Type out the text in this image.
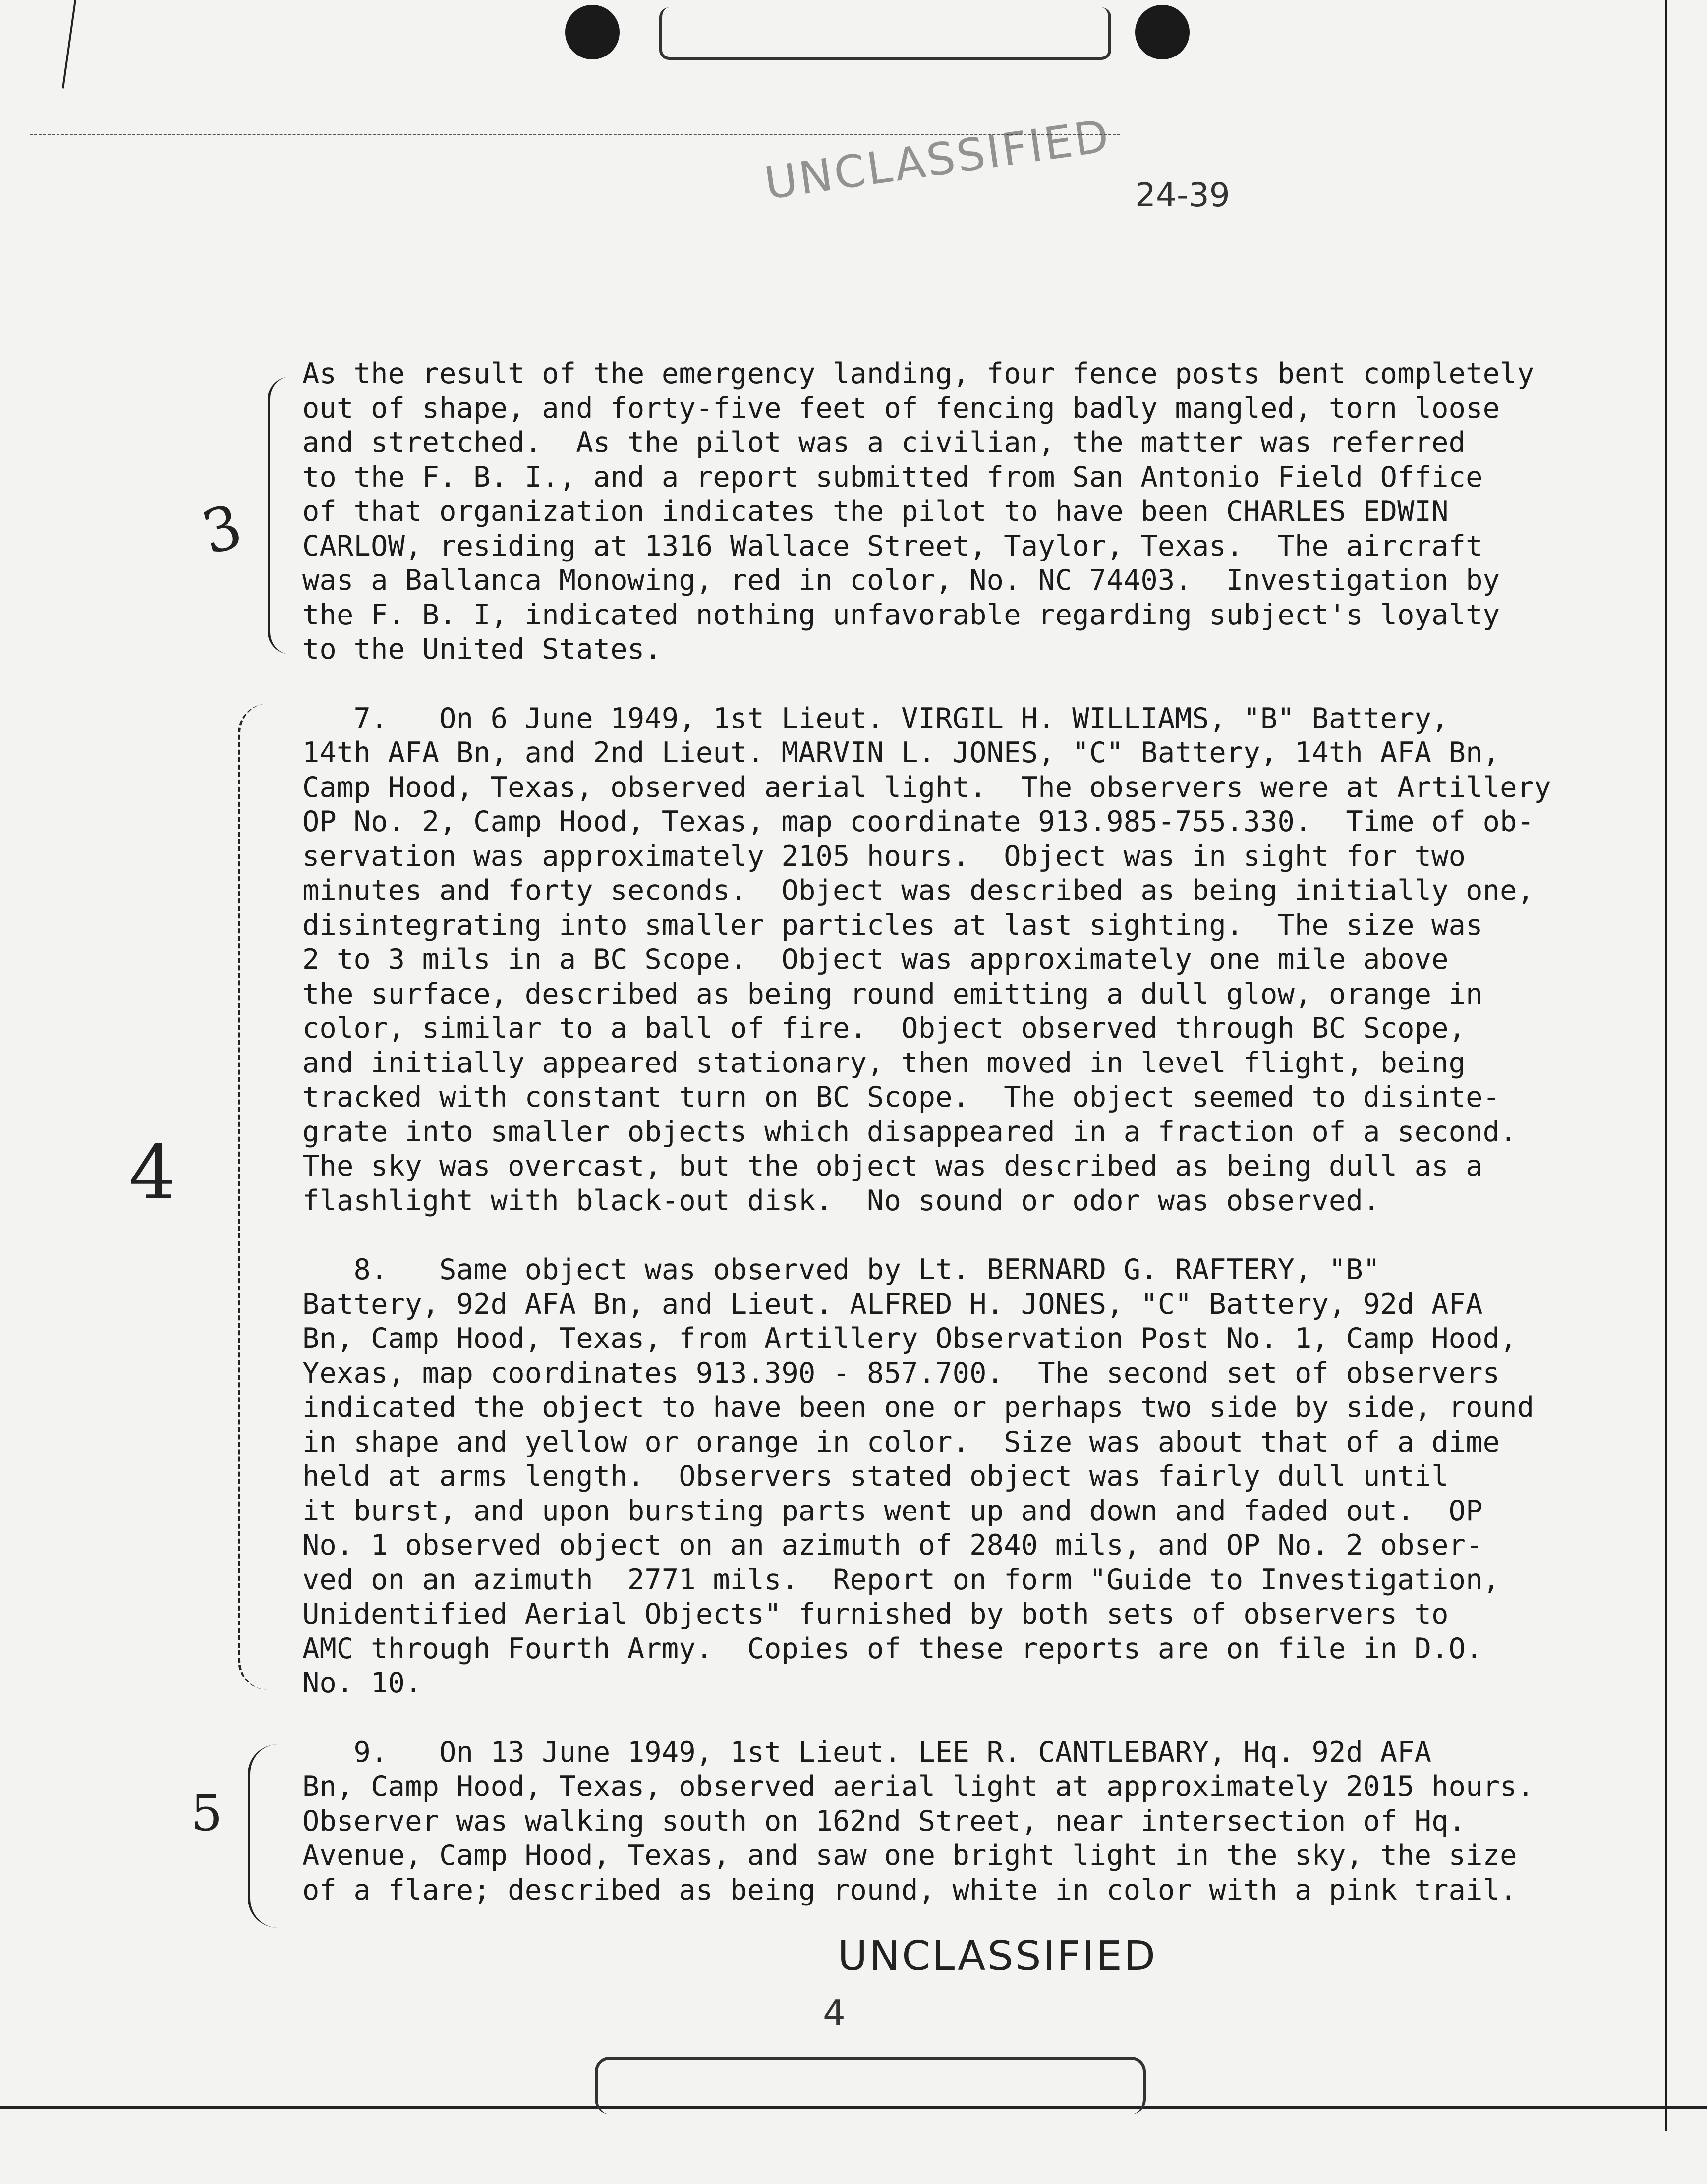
UNCLASSIFIED 24-39
3
4
5
As the result of the emergency landing, four fence posts bent completely
out of shape, and forty-five feet of fencing badly mangled, torn loose
and stretched.  As the pilot was a civilian, the matter was referred
to the F. B. I., and a report submitted from San Antonio Field Office
of that organization indicates the pilot to have been CHARLES EDWIN
CARLOW, residing at 1316 Wallace Street, Taylor, Texas.  The aircraft
was a Ballanca Monowing, red in color, No. NC 74403.  Investigation by
the F. B. I, indicated nothing unfavorable regarding subject's loyalty
to the United States.
7.   On 6 June 1949, 1st Lieut. VIRGIL H. WILLIAMS, "B" Battery,
14th AFA Bn, and 2nd Lieut. MARVIN L. JONES, "C" Battery, 14th AFA Bn,
Camp Hood, Texas, observed aerial light.  The observers were at Artillery
OP No. 2, Camp Hood, Texas, map coordinate 913.985-755.330.  Time of ob-
servation was approximately 2105 hours.  Object was in sight for two
minutes and forty seconds.  Object was described as being initially one,
disintegrating into smaller particles at last sighting.  The size was
2 to 3 mils in a BC Scope.  Object was approximately one mile above
the surface, described as being round emitting a dull glow, orange in
color, similar to a ball of fire.  Object observed through BC Scope,
and initially appeared stationary, then moved in level flight, being
tracked with constant turn on BC Scope.  The object seemed to disinte-
grate into smaller objects which disappeared in a fraction of a second.
The sky was overcast, but the object was described as being dull as a
flashlight with black-out disk.  No sound or odor was observed.
8.   Same object was observed by Lt. BERNARD G. RAFTERY, "B"
Battery, 92d AFA Bn, and Lieut. ALFRED H. JONES, "C" Battery, 92d AFA
Bn, Camp Hood, Texas, from Artillery Observation Post No. 1, Camp Hood,
Yexas, map coordinates 913.390 - 857.700.  The second set of observers
indicated the object to have been one or perhaps two side by side, round
in shape and yellow or orange in color.  Size was about that of a dime
held at arms length.  Observers stated object was fairly dull until
it burst, and upon bursting parts went up and down and faded out.  OP
No. 1 observed object on an azimuth of 2840 mils, and OP No. 2 obser-
ved on an azimuth  2771 mils.  Report on form "Guide to Investigation,
Unidentified Aerial Objects" furnished by both sets of observers to
AMC through Fourth Army.  Copies of these reports are on file in D.O.
No. 10.
9.   On 13 June 1949, 1st Lieut. LEE R. CANTLEBARY, Hq. 92d AFA
Bn, Camp Hood, Texas, observed aerial light at approximately 2015 hours.
Observer was walking south on 162nd Street, near intersection of Hq.
Avenue, Camp Hood, Texas, and saw one bright light in the sky, the size
of a flare; described as being round, white in color with a pink trail.
UNCLASSIFIED
4
